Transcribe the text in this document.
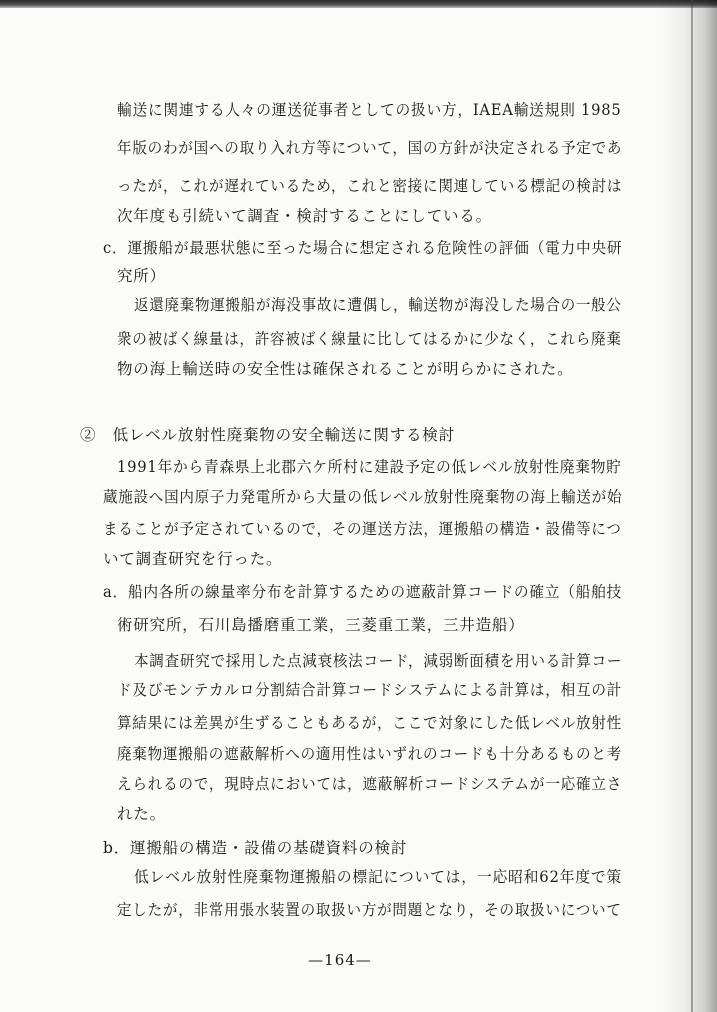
輸送に関連する人々の運送従事者としての扱い方，IAEA輸送規則 1985
年版のわが国への取り入れ方等について，国の方針が決定される予定であ
ったが，これが遅れているため，これと密接に関連している標記の検討は
次年度も引続いて調査・検討することにしている。
c．運搬船が最悪状態に至った場合に想定される危険性の評価（電力中央研
究所）
返還廃棄物運搬船が海没事故に遭偶し，輸送物が海没した場合の一般公
衆の被ばく線量は，許容被ばく線量に比してはるかに少なく，これら廃棄
物の海上輸送時の安全性は確保されることが明らかにされた。
②　低レベル放射性廃棄物の安全輸送に関する検討
1991年から青森県上北郡六ケ所村に建設予定の低レベル放射性廃棄物貯
蔵施設へ国内原子力発電所から大量の低レベル放射性廃棄物の海上輸送が始
まることが予定されているので，その運送方法，運搬船の構造・設備等につ
いて調査研究を行った。
a．船内各所の線量率分布を計算するための遮蔽計算コードの確立（船舶技
術研究所，石川島播磨重工業，三菱重工業，三井造船）
本調査研究で採用した点減衰核法コード，減弱断面積を用いる計算コー
ド及びモンテカルロ分割結合計算コードシステムによる計算は，相互の計
算結果には差異が生ずることもあるが，ここで対象にした低レベル放射性
廃棄物運搬船の遮蔽解析への適用性はいずれのコードも十分あるものと考
えられるので，現時点においては，遮蔽解析コードシステムが一応確立さ
れた。
b．運搬船の構造・設備の基礎資料の検討
低レベル放射性廃棄物運搬船の標記については，一応昭和62年度で策
定したが，非常用張水装置の取扱い方が問題となり，その取扱いについて
—164—
